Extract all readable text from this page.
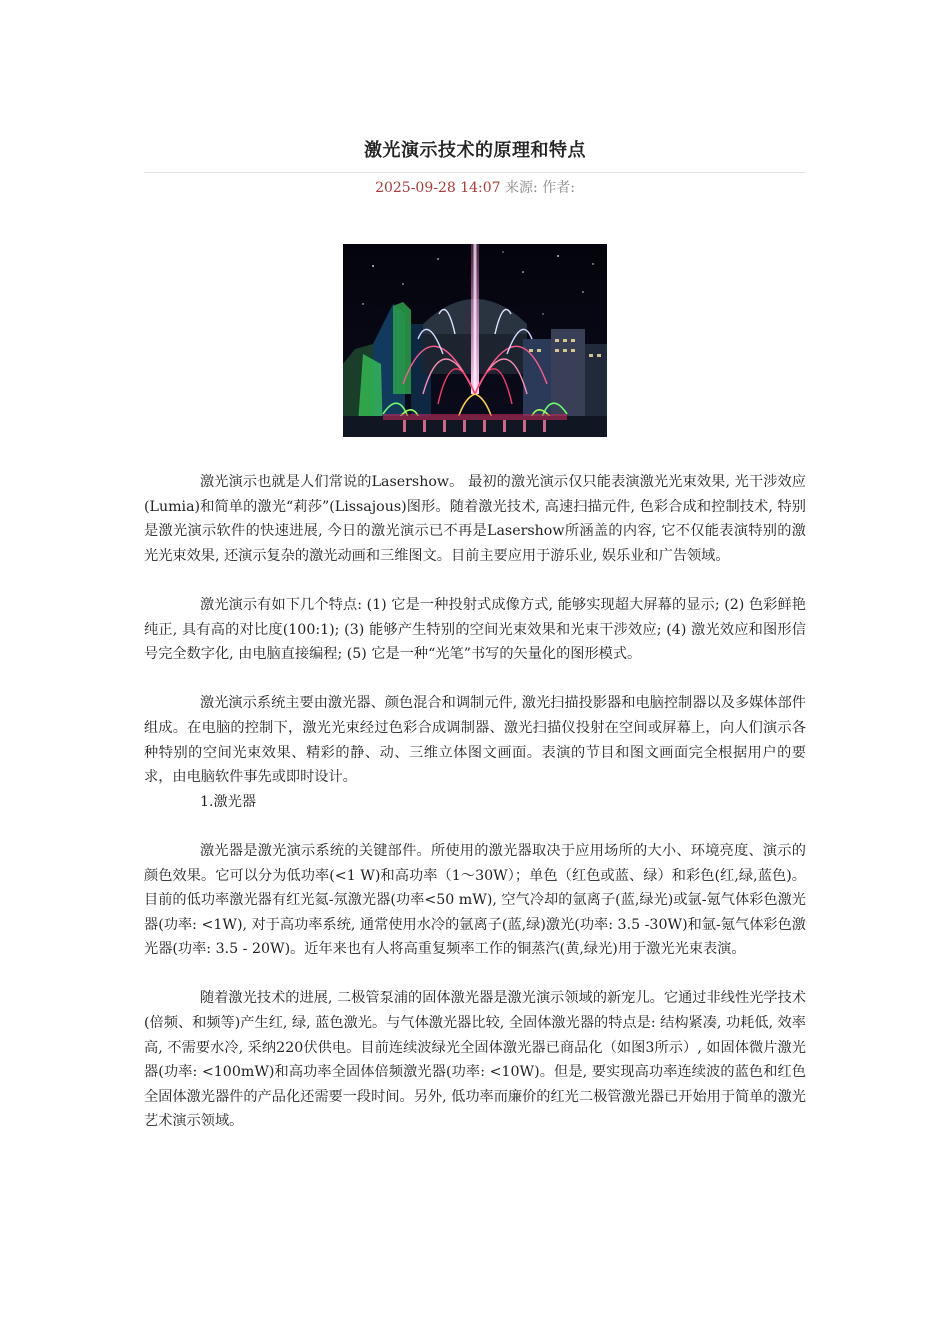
激光演示技术的原理和特点
2025-09-28 14:07 来源: 作者:

激光演示也就是人们常说的Lasershow。 最初的激光演示仅只能表演激光光束效果, 光干涉效应(Lumia)和简单的激光“莉莎”(Lissajous)图形。随着激光技术, 高速扫描元件, 色彩合成和控制技术, 特别是激光演示软件的快速进展, 今日的激光演示已不再是Lasershow所涵盖的内容, 它不仅能表演特别的激光光束效果, 还演示复杂的激光动画和三维图文。目前主要应用于游乐业, 娱乐业和广告领域。

激光演示有如下几个特点: (1) 它是一种投射式成像方式, 能够实现超大屏幕的显示; (2) 色彩鲜艳纯正, 具有高的对比度(100:1); (3) 能够产生特别的空间光束效果和光束干涉效应; (4) 激光效应和图形信号完全数字化, 由电脑直接编程; (5) 它是一种“光笔”书写的矢量化的图形模式。

激光演示系统主要由激光器、颜色混合和调制元件, 激光扫描投影器和电脑控制器以及多媒体部件组成。在电脑的控制下，激光光束经过色彩合成调制器、激光扫描仪投射在空间或屏幕上，向人们演示各种特别的空间光束效果、精彩的静、动、三维立体图文画面。表演的节目和图文画面完全根据用户的要求，由电脑软件事先或即时设计。

1.激光器

激光器是激光演示系统的关键部件。所使用的激光器取决于应用场所的大小、环境亮度、演示的颜色效果。它可以分为低功率(<1 W)和高功率（1～30W）；单色（红色或蓝、绿）和彩色(红,绿,蓝色)。目前的低功率激光器有红光氦-氖激光器(功率<50 mW), 空气冷却的氩离子(蓝,绿光)或氩-氪气体彩色激光器(功率: <1W), 对于高功率系统, 通常使用水冷的氩离子(蓝,绿)激光(功率: 3.5 -30W)和氩-氪气体彩色激光器(功率: 3.5 - 20W)。近年来也有人将高重复频率工作的铜蒸汽(黄,绿光)用于激光光束表演。

随着激光技术的进展, 二极管泵浦的固体激光器是激光演示领域的新宠儿。它通过非线性光学技术(倍频、和频等)产生红, 绿, 蓝色激光。与气体激光器比较, 全固体激光器的特点是: 结构紧凑, 功耗低, 效率高, 不需要水冷, 采纳220伏供电。目前连续波绿光全固体激光器已商品化（如图3所示）, 如固体微片激光器(功率: <100mW)和高功率全固体倍频激光器(功率: <10W)。但是, 要实现高功率连续波的蓝色和红色全固体激光器件的产品化还需要一段时间。另外, 低功率而廉价的红光二极管激光器已开始用于简单的激光艺术演示领域。
